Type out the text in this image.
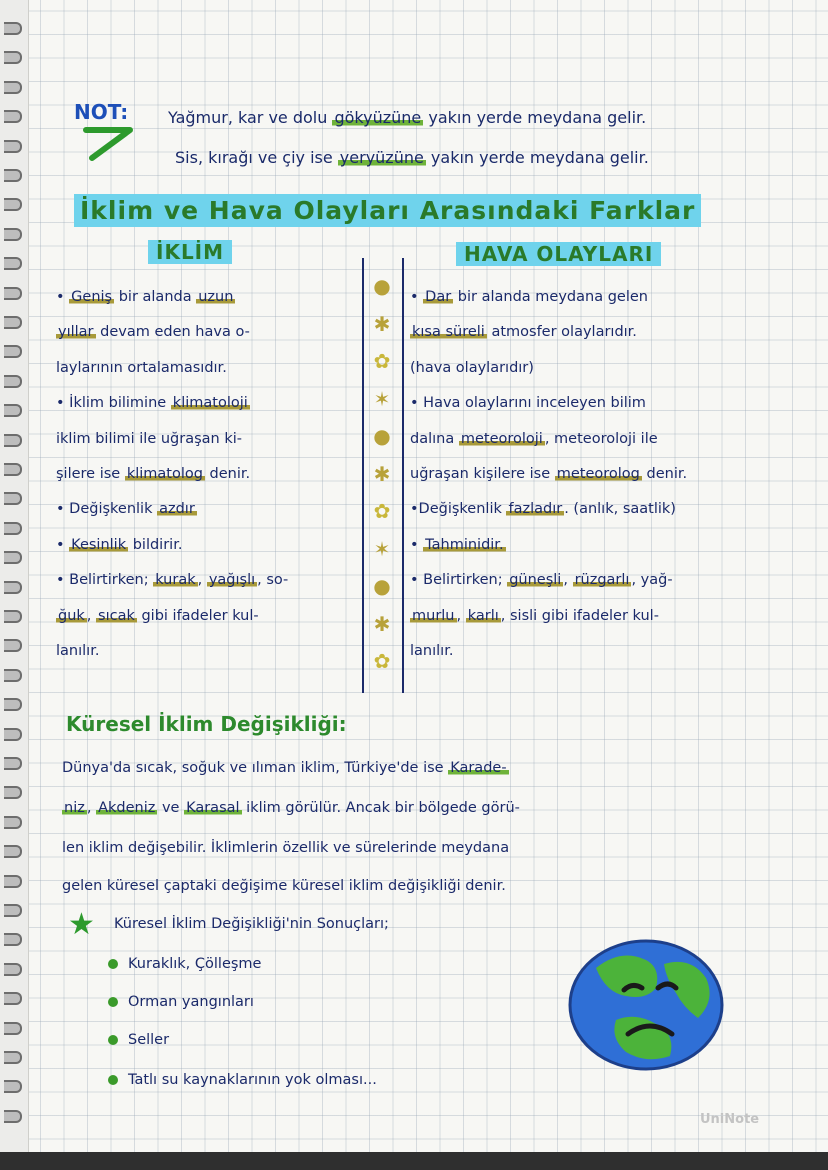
NOT: Yağmur, kar ve dolu gökyüzüne yakın yerde meydana gelir.
Sis, kırağı ve çiy ise yeryüzüne yakın yerde meydana gelir.
İklim ve Hava Olayları Arasındaki Farklar
İKLİM	HAVA OLAYLARI
●
✱
✿
✶
●
✱
✿
✶
●
✱
✿
• Geniş bir alanda uzun
yıllar devam eden hava o-
laylarının ortalamasıdır.
• İklim bilimine klimatoloji
iklim bilimi ile uğraşan ki-
şilere ise klimatolog denir.
• Değişkenlik azdır
• Kesinlik bildirir.
• Belirtirken; kurak , yağışlı , so-
ğuk , sıcak gibi ifadeler kul-
lanılır.
• Dar bir alanda meydana gelen
kısa süreli atmosfer olaylarıdır.
(hava olaylarıdır)
• Hava olaylarını inceleyen bilim
dalına meteoroloji , meteoroloji ile
uğraşan kişilere ise meteorolog denir.
•Değişkenlik fazladır . (anlık, saatlik)
• Tahminidir.
• Belirtirken; güneşli , rüzgarlı , yağ-
murlu , karlı , sisli gibi ifadeler kul-
lanılır.
Küresel İklim Değişikliği:
Dünya'da sıcak, soğuk ve ılıman iklim, Türkiye'de ise Karade-
niz , Akdeniz ve Karasal iklim görülür. Ancak bir bölgede görü-
len iklim değişebilir. İklimlerin özellik ve sürelerinde meydana
gelen küresel çaptaki değişime küresel iklim değişikliği denir.
★ Küresel İklim Değişikliği'nin Sonuçları;
Kuraklık, Çölleşme
Orman yangınları
Seller
Tatlı su kaynaklarının yok olması...
UniNote
